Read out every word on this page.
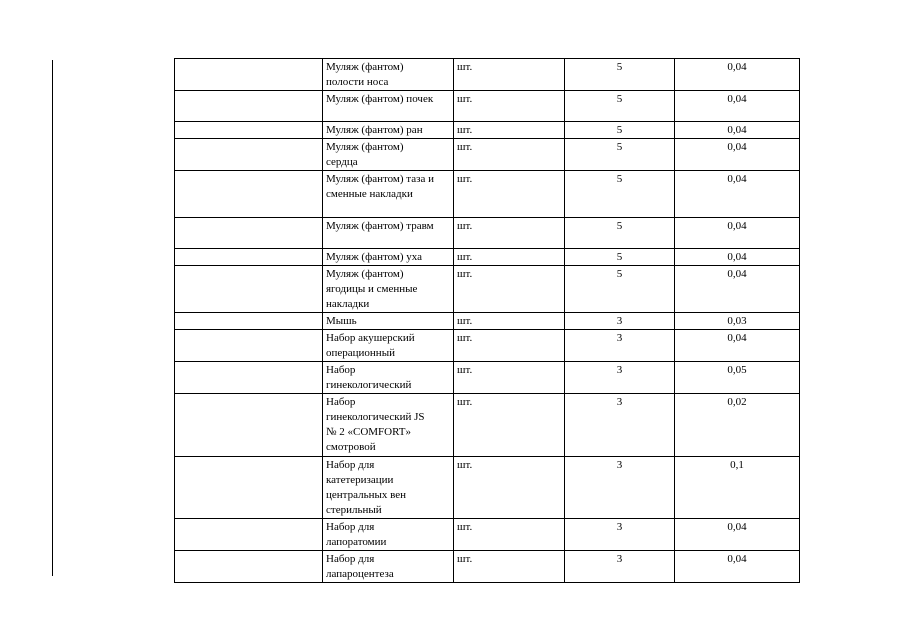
	Муляж (фантом)
полости носа	шт.	5	0,04

	Муляж (фантом) почек	шт.	5	0,04

	Муляж (фантом) ран	шт.	5	0,04

	Муляж (фантом)
сердца	шт.	5	0,04

	Муляж (фантом) таза и
сменные накладки	шт.	5	0,04

	Муляж (фантом) травм	шт.	5	0,04

	Муляж (фантом) уха	шт.	5	0,04

	Муляж (фантом)
ягодицы и сменные
накладки	шт.	5	0,04

	Мышь	шт.	3	0,03

	Набор акушерский
операционный	шт.	3	0,04

	Набор
гинекологический	шт.	3	0,05

	Набор
гинекологический JS
№ 2 «COMFORT»
смотровой	шт.	3	0,02

	Набор для
катетеризации
центральных вен
стерильный	шт.	3	0,1

	Набор для
лапоратомии	шт.	3	0,04

	Набор для
лапароцентеза	шт.	3	0,04
